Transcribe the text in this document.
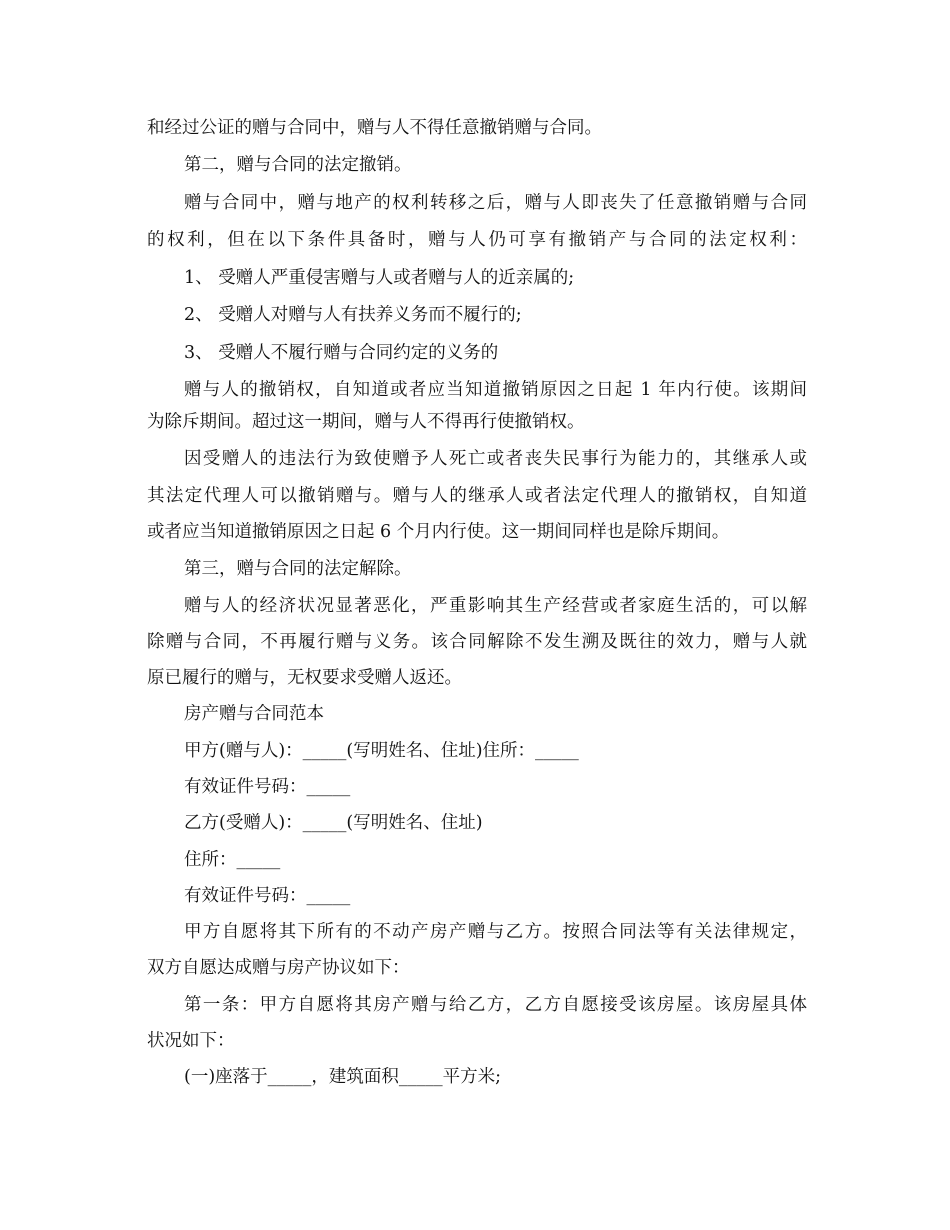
和经过公证的赠与合同中，赠与人不得任意撤销赠与合同。
第二，赠与合同的法定撤销。
赠与合同中，赠与地产的权利转移之后，赠与人即丧失了任意撤销赠与合同
的权利，但在以下条件具备时，赠与人仍可享有撤销产与合同的法定权利：
1、 受赠人严重侵害赠与人或者赠与人的近亲属的;
2、 受赠人对赠与人有扶养义务而不履行的;
3、 受赠人不履行赠与合同约定的义务的
赠与人的撤销权，自知道或者应当知道撤销原因之日起 1 年内行使。该期间
为除斥期间。超过这一期间，赠与人不得再行使撤销权。
因受赠人的违法行为致使赠予人死亡或者丧失民事行为能力的，其继承人或
其法定代理人可以撤销赠与。赠与人的继承人或者法定代理人的撤销权，自知道
或者应当知道撤销原因之日起 6 个月内行使。这一期间同样也是除斥期间。
第三，赠与合同的法定解除。
赠与人的经济状况显著恶化，严重影响其生产经营或者家庭生活的，可以解
除赠与合同，不再履行赠与义务。该合同解除不发生溯及既往的效力，赠与人就
原已履行的赠与，无权要求受赠人返还。
房产赠与合同范本
甲方(赠与人)：_____(写明姓名、住址)住所：_____
有效证件号码：_____
乙方(受赠人)：_____(写明姓名、住址)
住所：_____
有效证件号码：_____
甲方自愿将其下所有的不动产房产赠与乙方。按照合同法等有关法律规定，
双方自愿达成赠与房产协议如下：
第一条：甲方自愿将其房产赠与给乙方，乙方自愿接受该房屋。该房屋具体
状况如下：
(一)座落于_____，建筑面积_____平方米;
